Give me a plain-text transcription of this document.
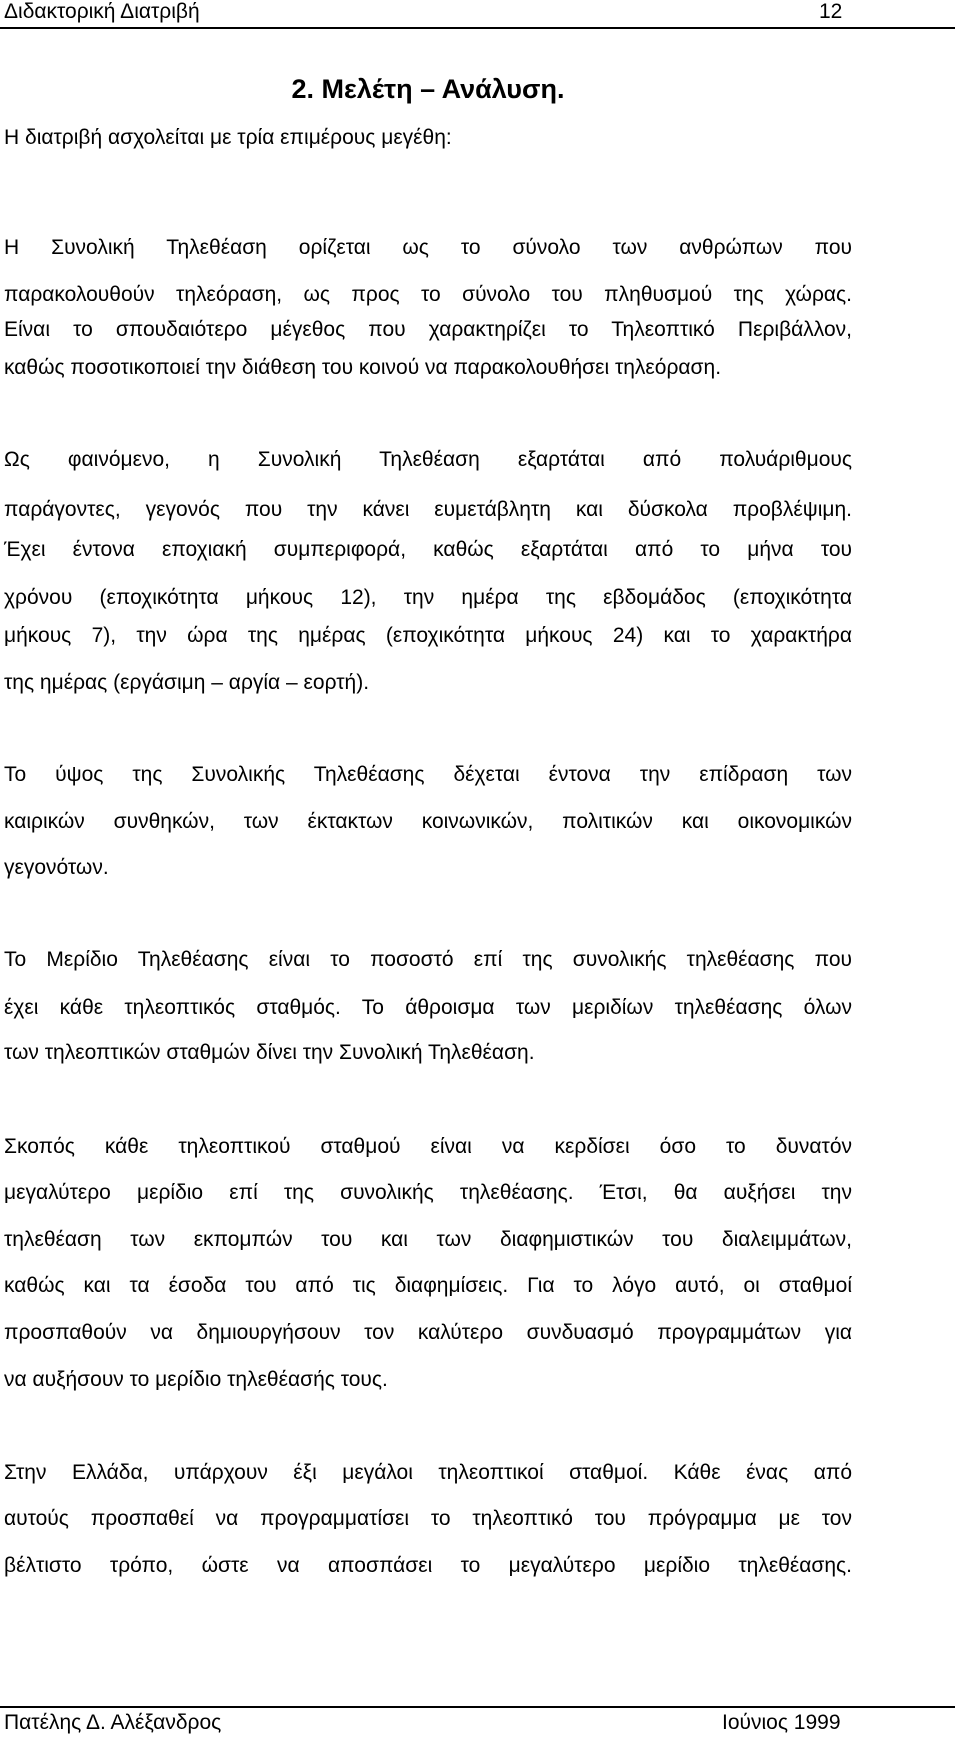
Διδακτορική Διατριβή	12
2. Μελέτη – Ανάλυση.
Η διατριβή ασχολείται με τρία επιμέρους μεγέθη:
Η Συνολική Τηλεθέαση ορίζεται ως το σύνολο των ανθρώπων που
παρακολουθούν τηλεόραση, ως προς το σύνολο του πληθυσμού της χώρας.
Είναι το σπουδαιότερο μέγεθος που χαρακτηρίζει το Τηλεοπτικό Περιβάλλον,
καθώς ποσοτικοποιεί την διάθεση του κοινού να παρακολουθήσει τηλεόραση.
Ως φαινόμενο, η Συνολική Τηλεθέαση εξαρτάται από πολυάριθμους
παράγοντες, γεγονός που την κάνει ευμετάβλητη και δύσκολα προβλέψιμη.
Έχει έντονα εποχιακή συμπεριφορά, καθώς εξαρτάται από το μήνα του
χρόνου (εποχικότητα μήκους 12), την ημέρα της εβδομάδος (εποχικότητα
μήκους 7), την ώρα της ημέρας (εποχικότητα μήκους 24) και το χαρακτήρα
της ημέρας (εργάσιμη – αργία – εορτή).
Το ύψος της Συνολικής Τηλεθέασης δέχεται έντονα την επίδραση των
καιρικών συνθηκών, των έκτακτων κοινωνικών, πολιτικών και οικονομικών
γεγονότων.
Το Μερίδιο Τηλεθέασης είναι το ποσοστό επί της συνολικής τηλεθέασης που
έχει κάθε τηλεοπτικός σταθμός. Το άθροισμα των μεριδίων τηλεθέασης όλων
των τηλεοπτικών σταθμών δίνει την Συνολική Τηλεθέαση.
Σκοπός κάθε τηλεοπτικού σταθμού είναι να κερδίσει όσο το δυνατόν
μεγαλύτερο μερίδιο επί της συνολικής τηλεθέασης. Έτσι, θα αυξήσει την
τηλεθέαση των εκπομπών του και των διαφημιστικών του διαλειμμάτων,
καθώς και τα έσοδα του από τις διαφημίσεις. Για το λόγο αυτό, οι σταθμοί
προσπαθούν να δημιουργήσουν τον καλύτερο συνδυασμό προγραμμάτων για
να αυξήσουν το μερίδιο τηλεθέασής τους.
Στην Ελλάδα, υπάρχουν έξι μεγάλοι τηλεοπτικοί σταθμοί. Κάθε ένας από
αυτούς προσπαθεί να προγραμματίσει το τηλεοπτικό του πρόγραμμα με τον
βέλτιστο τρόπο, ώστε να αποσπάσει το μεγαλύτερο μερίδιο τηλεθέασης.
Πατέλης Δ. Αλέξανδρος	Ιούνιος 1999
